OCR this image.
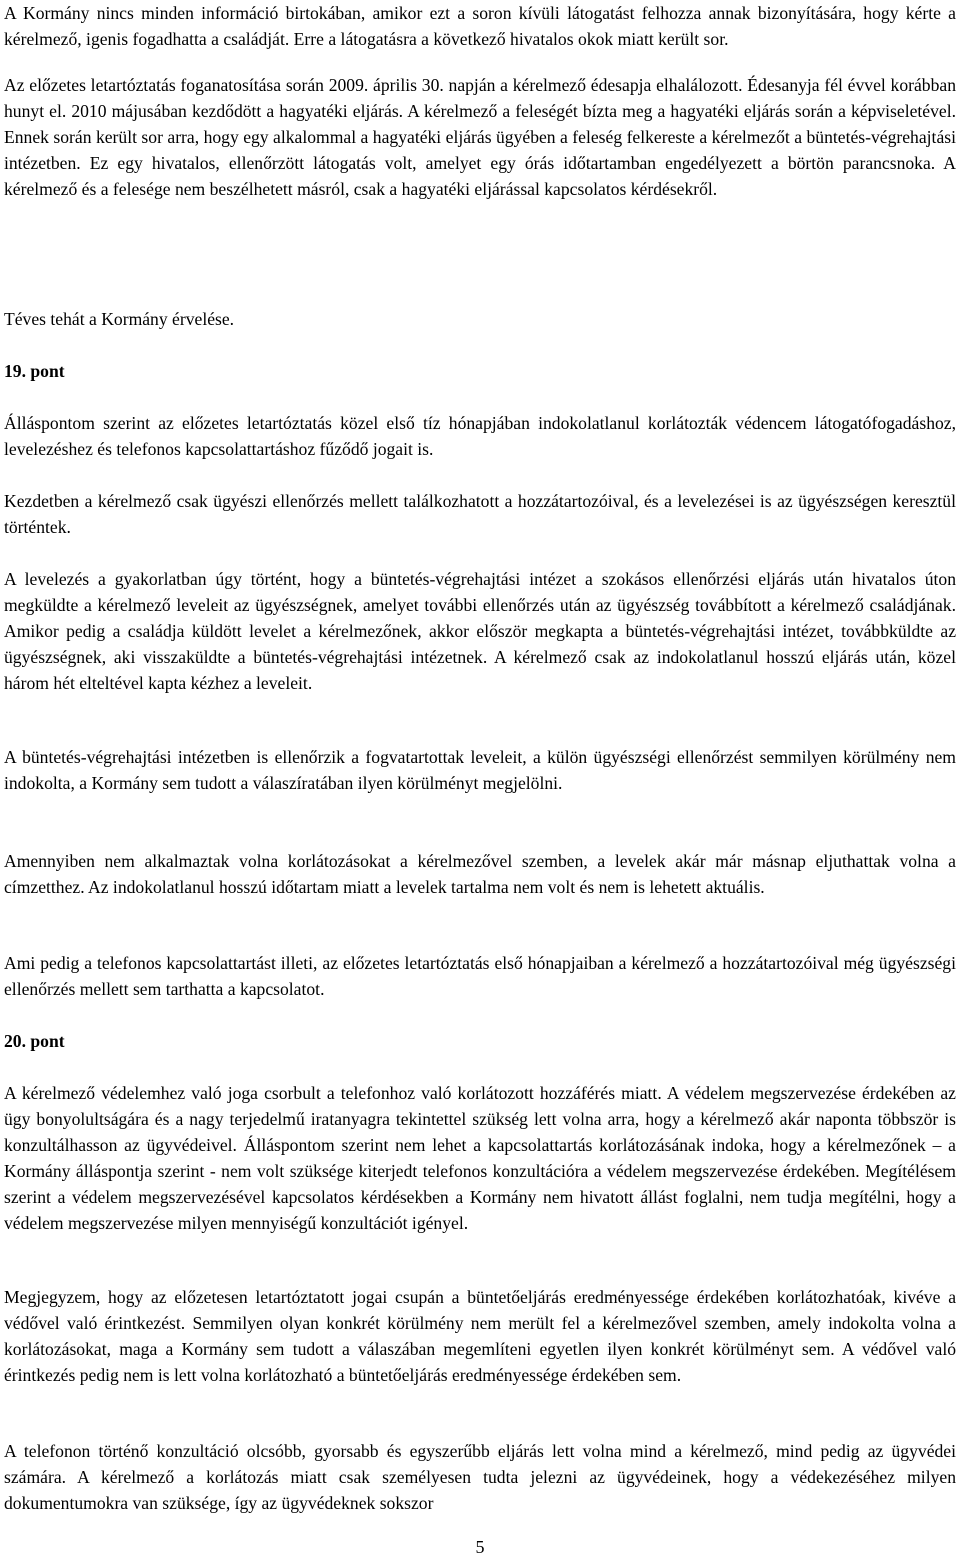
A Kormány nincs minden információ birtokában, amikor ezt a soron kívüli látogatást felhozza annak bizonyítására, hogy kérte a kérelmező, igenis fogadhatta a családját. Erre a látogatásra a következő hivatalos okok miatt került sor.

Az előzetes letartóztatás foganatosítása során 2009. április 30. napján a kérelmező édesapja elhalálozott. Édesanyja fél évvel korábban hunyt el. 2010 májusában kezdődött a hagyatéki eljárás. A kérelmező a feleségét bízta meg a hagyatéki eljárás során a képviseletével. Ennek során került sor arra, hogy egy alkalommal a hagyatéki eljárás ügyében a feleség felkereste a kérelmezőt a büntetés-végrehajtási intézetben. Ez egy hivatalos, ellenőrzött látogatás volt, amelyet egy órás időtartamban engedélyezett a börtön parancsnoka. A kérelmező és a felesége nem beszélhetett másról, csak a hagyatéki eljárással kapcsolatos kérdésekről.

Téves tehát a Kormány érvelése.

19. pont

Álláspontom szerint az előzetes letartóztatás közel első tíz hónapjában indokolatlanul korlátozták védencem látogatófogadáshoz, levelezéshez és telefonos kapcsolattartáshoz fűződő jogait is.

Kezdetben a kérelmező csak ügyészi ellenőrzés mellett találkozhatott a hozzátartozóival, és a levelezései is az ügyészségen keresztül történtek.

A levelezés a gyakorlatban úgy történt, hogy a büntetés-végrehajtási intézet a szokásos ellenőrzési eljárás után hivatalos úton megküldte a kérelmező leveleit az ügyészségnek, amelyet további ellenőrzés után az ügyészség továbbított a kérelmező családjának. Amikor pedig a családja küldött levelet a kérelmezőnek, akkor először megkapta a büntetés-végrehajtási intézet, továbbküldte az ügyészségnek, aki visszaküldte a büntetés-végrehajtási intézetnek. A kérelmező csak az indokolatlanul hosszú eljárás után, közel három hét elteltével kapta kézhez a leveleit.

A büntetés-végrehajtási intézetben is ellenőrzik a fogvatartottak leveleit, a külön ügyészségi ellenőrzést semmilyen körülmény nem indokolta, a Kormány sem tudott a válaszíratában ilyen körülményt megjelölni.

Amennyiben nem alkalmaztak volna korlátozásokat a kérelmezővel szemben, a levelek akár már másnap eljuthattak volna a címzetthez. Az indokolatlanul hosszú időtartam miatt a levelek tartalma nem volt és nem is lehetett aktuális.

Ami pedig a telefonos kapcsolattartást illeti, az előzetes letartóztatás első hónapjaiban a kérelmező a hozzátartozóival még ügyészségi ellenőrzés mellett sem tarthatta a kapcsolatot.

20. pont

A kérelmező védelemhez való joga csorbult a telefonhoz való korlátozott hozzáférés miatt. A védelem megszervezése érdekében az ügy bonyolultságára és a nagy terjedelmű iratanyagra tekintettel szükség lett volna arra, hogy a kérelmező akár naponta többször is konzultálhasson az ügyvédeivel. Álláspontom szerint nem lehet a kapcsolattartás korlátozásának indoka, hogy a kérelmezőnek – a Kormány álláspontja szerint - nem volt szüksége kiterjedt telefonos konzultációra a védelem megszervezése érdekében. Megítélésem szerint a védelem megszervezésével kapcsolatos kérdésekben a Kormány nem hivatott állást foglalni, nem tudja megítélni, hogy a védelem megszervezése milyen mennyiségű konzultációt igényel.

Megjegyzem, hogy az előzetesen letartóztatott jogai csupán a büntetőeljárás eredményessége érdekében korlátozhatóak, kivéve a védővel való érintkezést. Semmilyen olyan konkrét körülmény nem merült fel a kérelmezővel szemben, amely indokolta volna a korlátozásokat, maga a Kormány sem tudott a válaszában megemlíteni egyetlen ilyen konkrét körülményt sem. A védővel való érintkezés pedig nem is lett volna korlátozható a büntetőeljárás eredményessége érdekében sem.

A telefonon történő konzultáció olcsóbb, gyorsabb és egyszerűbb eljárás lett volna mind a kérelmező, mind pedig az ügyvédei számára. A kérelmező a korlátozás miatt csak személyesen tudta jelezni az ügyvédeinek, hogy a védekezéséhez milyen dokumentumokra van szüksége, így az ügyvédeknek sokszor

5
